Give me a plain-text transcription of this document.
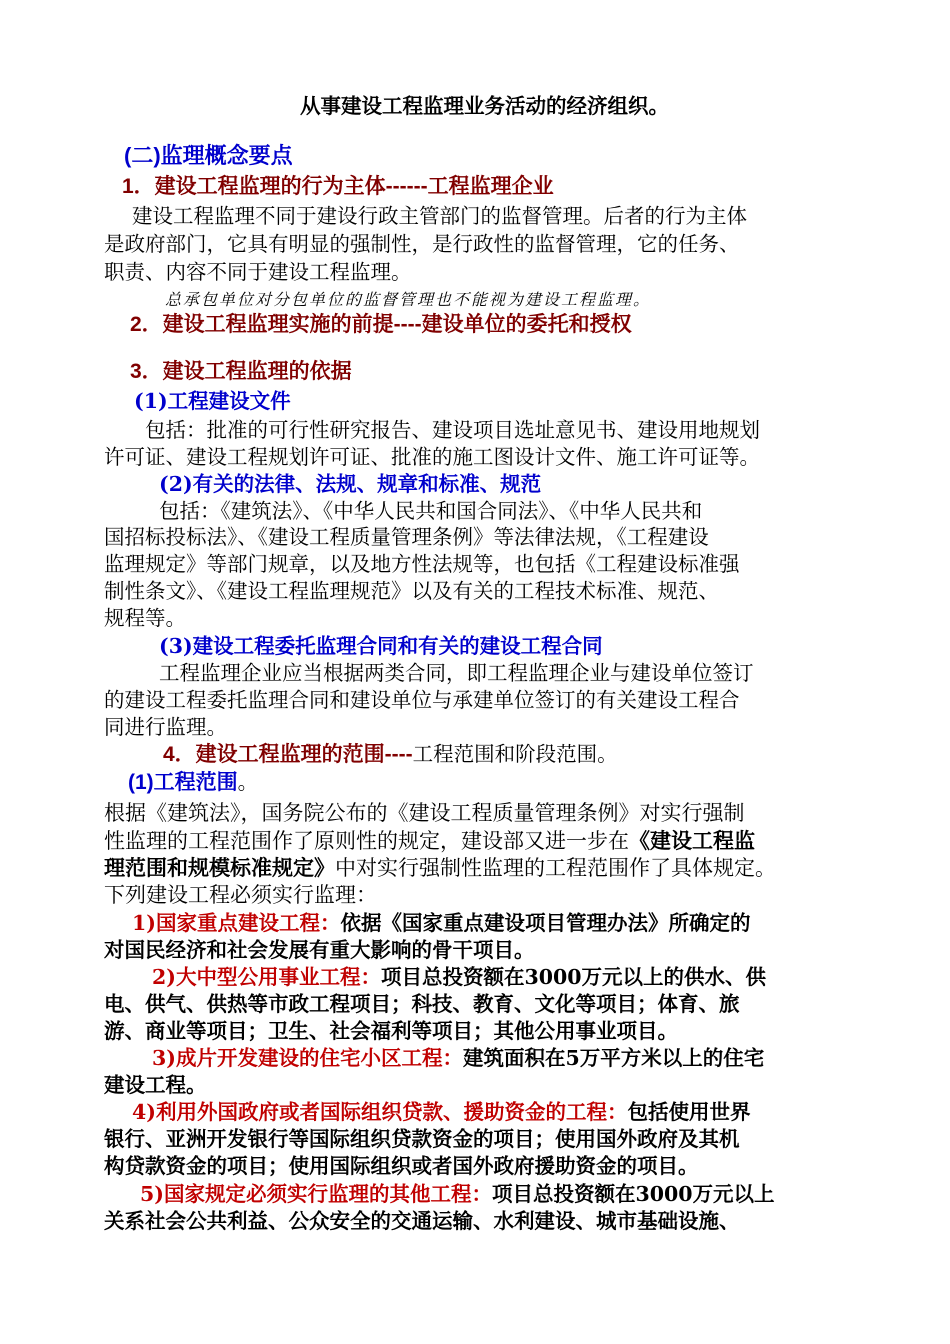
从事建设工程监理业务活动的经济组织。
(二)监理概念要点
1．建设工程监理的行为主体------工程监理企业
建设工程监理不同于建设行政主管部门的监督管理。后者的行为主体
是政府部门，它具有明显的强制性，是行政性的监督管理，它的任务、
职责、内容不同于建设工程监理。
总承包单位对分包单位的监督管理也不能视为建设工程监理。
2．建设工程监理实施的前提----建设单位的委托和授权
3．建设工程监理的依据
(1)工程建设文件
包括：批准的可行性研究报告、建设项目选址意见书、建设用地规划
许可证、建设工程规划许可证、批准的施工图设计文件、施工许可证等。
(2)有关的法律、法规、规章和标准、规范
包括：《建筑法》、《中华人民共和国合同法》、《中华人民共和
国招标投标法》、《建设工程质量管理条例》等法律法规，《工程建设
监理规定》等部门规章，以及地方性法规等，也包括《工程建设标准强
制性条文》、《建设工程监理规范》以及有关的工程技术标准、规范、
规程等。
(3)建设工程委托监理合同和有关的建设工程合同
工程监理企业应当根据两类合同，即工程监理企业与建设单位签订
的建设工程委托监理合同和建设单位与承建单位签订的有关建设工程合
同进行监理。
4．建设工程监理的范围----工程范围和阶段范围。
(1)工程范围。
根据《建筑法》，国务院公布的《建设工程质量管理条例》对实行强制
性监理的工程范围作了原则性的规定，建设部又进一步在《建设工程监
理范围和规模标准规定》中对实行强制性监理的工程范围作了具体规定。
下列建设工程必须实行监理：
1)国家重点建设工程：依据《国家重点建设项目管理办法》所确定的
对国民经济和社会发展有重大影响的骨干项目。
2)大中型公用事业工程：项目总投资额在3000万元以上的供水、供
电、供气、供热等市政工程项目；科技、教育、文化等项目；体育、旅
游、商业等项目；卫生、社会福利等项目；其他公用事业项目。
3)成片开发建设的住宅小区工程：建筑面积在5万平方米以上的住宅
建设工程。
4)利用外国政府或者国际组织贷款、援助资金的工程：包括使用世界
银行、亚洲开发银行等国际组织贷款资金的项目；使用国外政府及其机
构贷款资金的项目；使用国际组织或者国外政府援助资金的项目。
5)国家规定必须实行监理的其他工程：项目总投资额在3000万元以上
关系社会公共利益、公众安全的交通运输、水利建设、城市基础设施、
